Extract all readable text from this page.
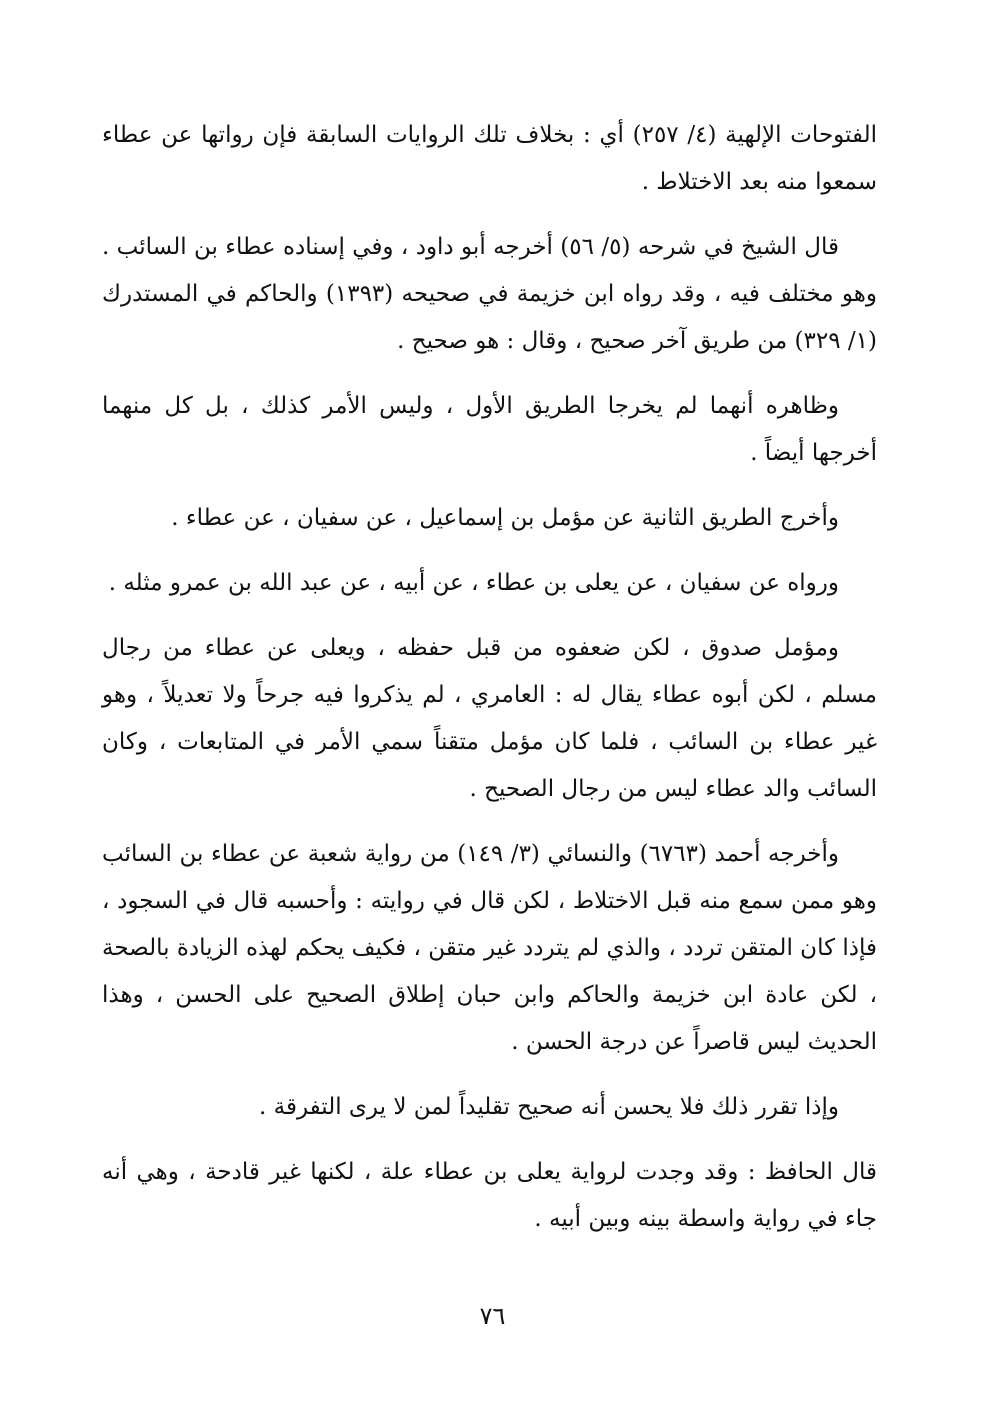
الفتوحات الإلهية (٤/ ٢٥٧) أي : بخلاف تلك الروايات السابقة فإن رواتها عن عطاء سمعوا منه بعد الاختلاط .

قال الشيخ في شرحه (٥/ ٥٦) أخرجه أبو داود ، وفي إسناده عطاء بن السائب . وهو مختلف فيه ، وقد رواه ابن خزيمة في صحيحه (١٣٩٣) والحاكم في المستدرك (١/ ٣٢٩) من طريق آخر صحيح ، وقال : هو صحيح .

وظاهره أنهما لم يخرجا الطريق الأول ، وليس الأمر كذلك ، بل كل منهما أخرجها أيضاً .

وأخرج الطريق الثانية عن مؤمل بن إسماعيل ، عن سفيان ، عن عطاء .

ورواه عن سفيان ، عن يعلى بن عطاء ، عن أبيه ، عن عبد الله بن عمرو مثله .

ومؤمل صدوق ، لكن ضعفوه من قبل حفظه ، ويعلى عن عطاء من رجال مسلم ، لكن أبوه عطاء يقال له : العامري ، لم يذكروا فيه جرحاً ولا تعديلاً ، وهو غير عطاء بن السائب ، فلما كان مؤمل متقناً سمي الأمر في المتابعات ، وكان السائب والد عطاء ليس من رجال الصحيح .

وأخرجه أحمد (٦٧٦٣) والنسائي (٣/ ١٤٩) من رواية شعبة عن عطاء بن السائب وهو ممن سمع منه قبل الاختلاط ، لكن قال في روايته : وأحسبه قال في السجود ، فإذا كان المتقن تردد ، والذي لم يتردد غير متقن ، فكيف يحكم لهذه الزيادة بالصحة ، لكن عادة ابن خزيمة والحاكم وابن حبان إطلاق الصحيح على الحسن ، وهذا الحديث ليس قاصراً عن درجة الحسن .

وإذا تقرر ذلك فلا يحسن أنه صحيح تقليداً لمن لا يرى التفرقة .

قال الحافظ : وقد وجدت لرواية يعلى بن عطاء علة ، لكنها غير قادحة ، وهي أنه جاء في رواية واسطة بينه وبين أبيه .

٧٦
